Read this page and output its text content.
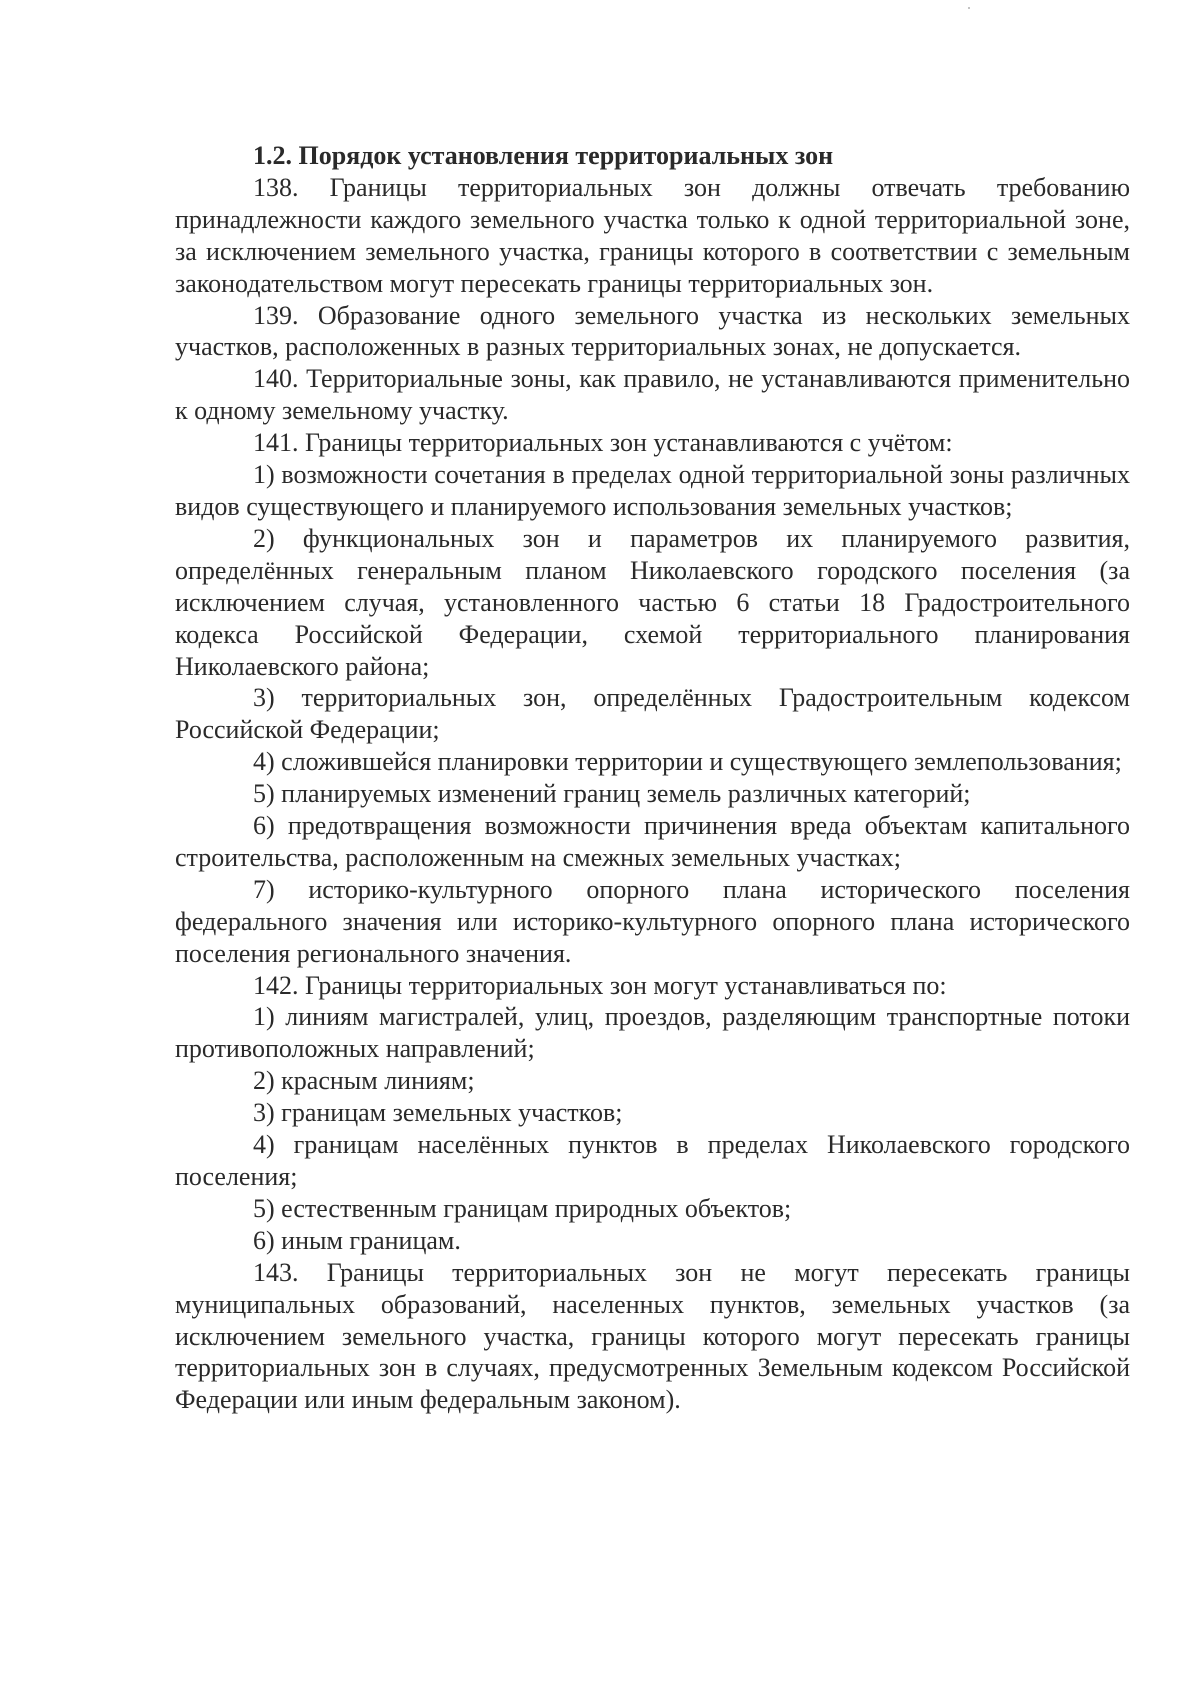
1.2. Порядок установления территориальных зон

138. Границы территориальных зон должны отвечать требованию принадлежности каждого земельного участка только к одной территориальной зоне, за исключением земельного участка, границы которого в соответствии с земельным законодательством могут пересекать границы территориальных зон.

139. Образование одного земельного участка из нескольких земельных участков, расположенных в разных территориальных зонах, не допускается.

140. Территориальные зоны, как правило, не устанавливаются применительно к одному земельному участку.

141. Границы территориальных зон устанавливаются с учётом:

1) возможности сочетания в пределах одной территориальной зоны различных видов существующего и планируемого использования земельных участков;

2) функциональных зон и параметров их планируемого развития, определённых генеральным планом Николаевского городского поселения (за исключением случая, установленного частью 6 статьи 18 Градостроительного кодекса Российской Федерации, схемой территориального планирования Николаевского района;

3) территориальных зон, определённых Градостроительным кодексом Российской Федерации;

4) сложившейся планировки территории и существующего землепользования;

5) планируемых изменений границ земель различных категорий;

6) предотвращения возможности причинения вреда объектам капитального строительства, расположенным на смежных земельных участках;

7) историко-культурного опорного плана исторического поселения федерального значения или историко-культурного опорного плана исторического поселения регионального значения.

142. Границы территориальных зон могут устанавливаться по:

1) линиям магистралей, улиц, проездов, разделяющим транспортные потоки противоположных направлений;

2) красным линиям;

3) границам земельных участков;

4) границам населённых пунктов в пределах Николаевского городского поселения;

5) естественным границам природных объектов;

6) иным границам.

143. Границы территориальных зон не могут пересекать границы муниципальных образований, населенных пунктов, земельных участков (за исключением земельного участка, границы которого могут пересекать границы территориальных зон в случаях, предусмотренных Земельным кодексом Российской Федерации или иным федеральным законом).
